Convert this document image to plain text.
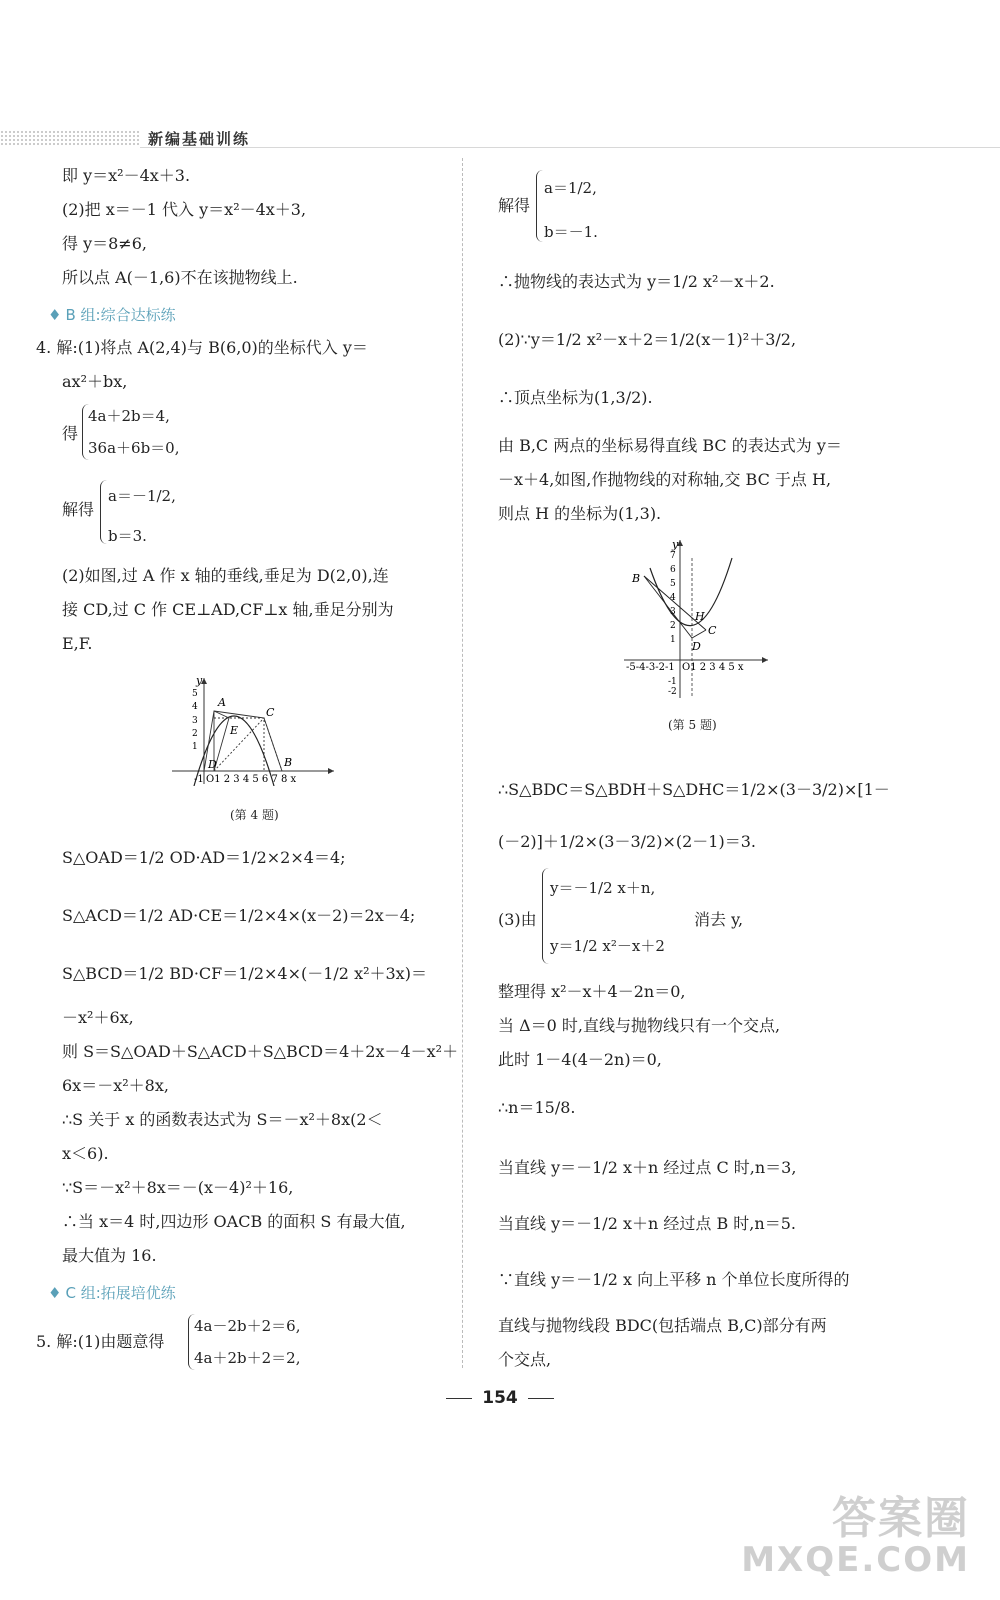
新编基础训练
即 y＝x²－4x＋3.
(2)把 x＝－1 代入 y＝x²－4x＋3,
得 y＝8≠6,
所以点 A(－1,6)不在该抛物线上.
♦ B 组:综合达标练
4. 解:(1)将点 A(2,4)与 B(6,0)的坐标代入 y＝
ax²＋bx,
得
4a＋2b＝4,
36a＋6b＝0,
解得
a＝－1/2,
b＝3.
(2)如图,过 A 作 x 轴的垂线,垂足为 D(2,0),连
接 CD,过 C 作 CE⊥AD,CF⊥x 轴,垂足分别为
E,F.
y
A
C
E
D	B
-1 O1 2 3 4 5 6 7 8 x
5
4
3
2
1
(第 4 题)
S△OAD＝1/2 OD·AD＝1/2×2×4＝4;
S△ACD＝1/2 AD·CE＝1/2×4×(x－2)＝2x－4;
S△BCD＝1/2 BD·CF＝1/2×4×(－1/2 x²＋3x)＝
－x²＋6x,
则 S＝S△OAD＋S△ACD＋S△BCD＝4＋2x－4－x²＋
6x＝－x²＋8x,
∴S 关于 x 的函数表达式为 S＝－x²＋8x(2＜
x＜6).
∵S＝－x²＋8x＝－(x－4)²＋16,
∴当 x＝4 时,四边形 OACB 的面积 S 有最大值,
最大值为 16.
♦ C 组:拓展培优练
5. 解:(1)由题意得
4a－2b＋2＝6,
4a＋2b＋2＝2,
解得
a＝1/2,
b＝－1.
∴抛物线的表达式为 y＝1/2 x²－x＋2.
(2)∵y＝1/2 x²－x＋2＝1/2(x－1)²＋3/2,
∴顶点坐标为(1,3/2).
由 B,C 两点的坐标易得直线 BC 的表达式为 y＝
－x＋4,如图,作抛物线的对称轴,交 BC 于点 H,
则点 H 的坐标为(1,3).
y
B
H
C
D
-5-4-3-2-1 O1 2 3 4 5 x
7
6
5
4
3
2
1
-1
-2
(第 5 题)
∴S△BDC＝S△BDH＋S△DHC＝1/2×(3－3/2)×[1－
(－2)]＋1/2×(3－3/2)×(2－1)＝3.
(3)由
y＝－1/2 x＋n,
y＝1/2 x²－x＋2
消去 y,
整理得 x²－x＋4－2n＝0,
当 Δ＝0 时,直线与抛物线只有一个交点,
此时 1－4(4－2n)＝0,
∴n＝15/8.
当直线 y＝－1/2 x＋n 经过点 C 时,n＝3,
当直线 y＝－1/2 x＋n 经过点 B 时,n＝5.
∵直线 y＝－1/2 x 向上平移 n 个单位长度所得的
直线与抛物线段 BDC(包括端点 B,C)部分有两
个交点,
154
答案圈
MXQE.COM
